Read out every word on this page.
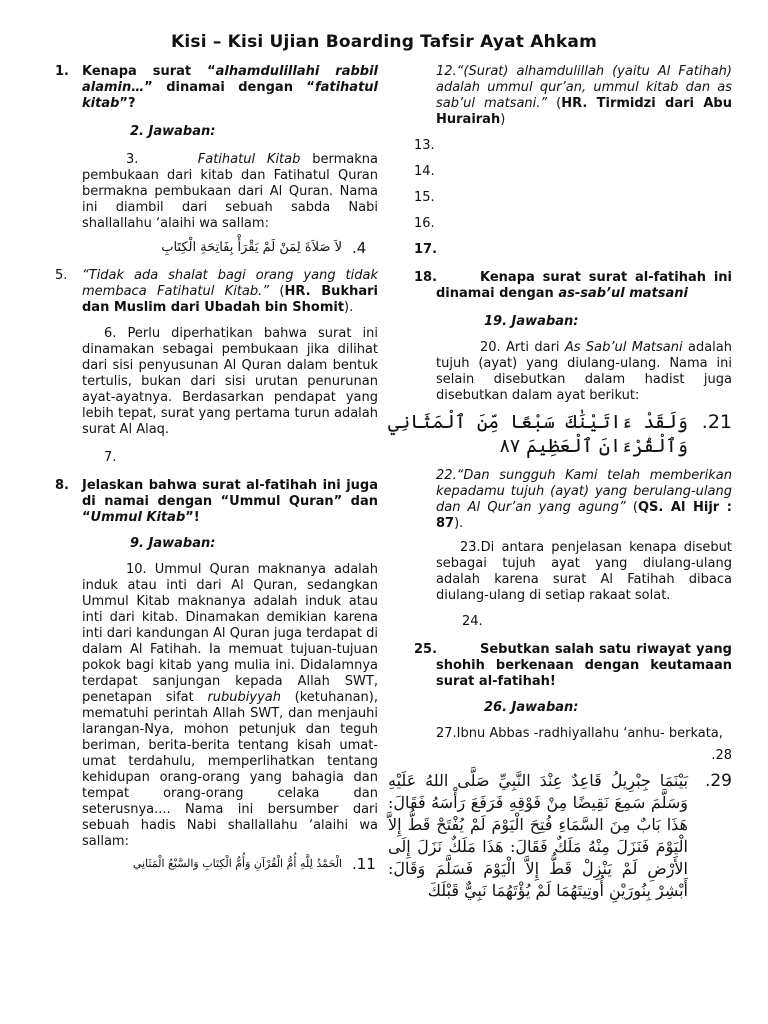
Kisi – Kisi Ujian Boarding Tafsir Ayat Ahkam
1. Kenapa surat “alhamdulillahi rabbil alamin…” dinamai dengan “fatihatul kitab”?
2. Jawaban:
3.	Fatihatul Kitab bermakna pembukaan dari kitab dan Fatihatul Quran bermakna pembukaan dari Al Quran. Nama ini diambil dari sebuah sabda Nabi shallallahu ‘alaihi wa sallam:
لاَ صَلاَةَ لِمَنْ لَمْ يَقْرَأْ بِفَاتِحَةِ الْكِتَابِ .4
5. “Tidak ada shalat bagi orang yang tidak membaca Fatihatul Kitab.” (HR. Bukhari dan Muslim dari Ubadah bin Shomit).
6. Perlu diperhatikan bahwa surat ini dinamakan sebagai pembukaan jika dilihat dari sisi penyusunan Al Quran dalam bentuk tertulis, bukan dari sisi urutan penurunan ayat-ayatnya. Berdasarkan pendapat yang lebih tepat, surat yang pertama turun adalah surat Al Alaq.
7.
8. Jelaskan bahwa surat al-fatihah ini juga di namai dengan “Ummul Quran” dan “Ummul Kitab”!
9. Jawaban:
10. Ummul Quran maknanya adalah induk atau inti dari Al Quran, sedangkan Ummul Kitab maknanya adalah induk atau inti dari kitab. Dinamakan demikian karena inti dari kandungan Al Quran juga terdapat di dalam Al Fatihah. Ia memuat tujuan-tujuan pokok bagi kitab yang mulia ini. Didalamnya terdapat sanjungan kepada Allah SWT, penetapan sifat rububiyyah (ketuhanan), mematuhi perintah Allah SWT, dan menjauhi larangan-Nya, mohon petunjuk dan teguh beriman, berita-berita tentang kisah umat-umat terdahulu, memperlihatkan tentang kehidupan orang-orang yang bahagia dan tempat orang-orang celaka dan seterusnya.... Nama ini bersumber dari sebuah hadis Nabi shallallahu ‘alaihi wa sallam:
الْحَمْدُ لِلَّهِ أُمُّ الْقُرْآنِ وَأُمُّ الْكِتَابِ وَالسَّبْعُ الْمَثَانِي .11
12.“(Surat) alhamdulillah (yaitu Al Fatihah) adalah ummul qur’an, ummul kitab dan as sab’ul matsani.” (HR. Tirmidzi dari Abu Hurairah)
13.
14.
15.
16.
17.
18.	Kenapa surat surat al-fatihah ini dinamai dengan as-sab’ul matsani
19. Jawaban:
20. Arti dari As Sab’ul Matsani adalah tujuh (ayat) yang diulang-ulang. Nama ini selain disebutkan dalam hadist juga disebutkan dalam ayat berikut:
وَلَقَدْ ءَاتَيْنَٰكَ سَبْعًا مِّنَ ٱلْمَثَانِي وَٱلْقُرْءَانَ ٱلْعَظِيمَ ٨٧
.21
22.“Dan sungguh Kami telah memberikan kepadamu tujuh (ayat) yang berulang-ulang dan Al Qur’an yang agung” (QS. Al Hijr : 87).
23.Di antara penjelasan kenapa disebut sebagai tujuh ayat yang diulang-ulang adalah karena surat Al Fatihah dibaca diulang-ulang di setiap rakaat solat.
24.
25.	Sebutkan salah satu riwayat yang shohih berkenaan dengan keutamaan surat al-fatihah!
26. Jawaban:
27.Ibnu Abbas -radhiyallahu ‘anhu- berkata,
.28
بَيْنَمَا جِبْرِيلُ قَاعِدٌ عِنْدَ النَّبِيِّ صَلَّى اللهُ عَلَيْهِ وَسَلَّمَ سَمِعَ نَقِيضًا مِنْ فَوْقِهِ فَرَفَعَ رَأْسَهُ فَقَالَ: هَذَا بَابٌ مِنَ السَّمَاءِ فُتِحَ الْيَوْمَ لَمْ يُفْتَحْ قَطُّ إِلاَّ الْيَوْمَ فَنَزَلَ مِنْهُ مَلَكٌ فَقَالَ: هَذَا مَلَكٌ نَزَلَ إِلَى الأَرْضِ لَمْ يَنْزِلْ قَطُّ إِلاَّ الْيَوْمَ فَسَلَّمَ وَقَالَ: أَبْشِرْ بِنُورَيْنِ أُوتِيتَهُمَا لَمْ يُؤْتَهُمَا نَبِيٌّ قَبْلَكَ
.29
